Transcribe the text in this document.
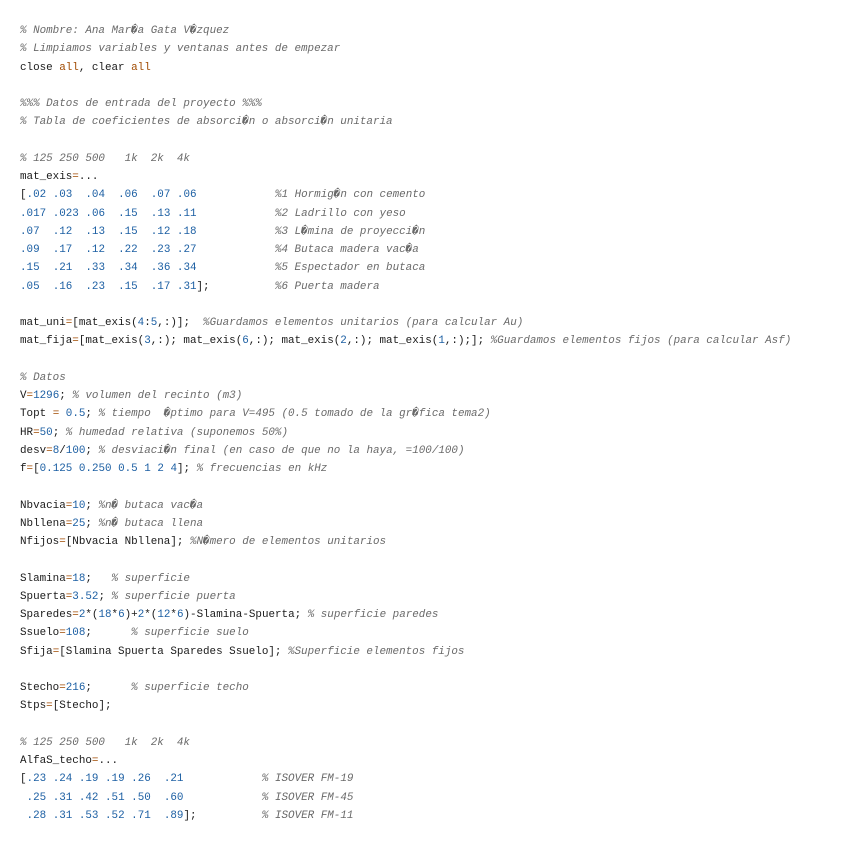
% Nombre: Ana Mar�a Gata V�zquez
% Limpiamos variables y ventanas antes de empezar
close all, clear all
%%% Datos de entrada del proyecto %%%
% Tabla de coeficientes de absorci�n o absorci�n unitaria
% 125 250 500   1k  2k  4k
mat_exis=...
[.02 .03 .04 .06 .07 .06	%1 Hormig�n con cemento
.017 .023 .06 .15 .13 .11	%2 Ladrillo con yeso
.07 .12 .13 .15 .12 .18	%3 L�mina de proyecci�n
.09 .17 .12 .22 .23 .27	%4 Butaca madera vac�a
.15 .21 .33 .34 .36 .34	%5 Espectador en butaca
.05 .16 .23 .15 .17 .31];          %6 Puerta madera
mat_uni=[mat_exis(4:5,:)];  %Guardamos elementos unitarios (para calcular Au)
mat_fija=[mat_exis(3,:); mat_exis(6,:); mat_exis(2,:); mat_exis(1,:);]; %Guardamos elementos fijos (para calcular Asf)
% Datos
V=1296; % volumen del recinto (m3)
Topt = 0.5; % tiempo  �ptimo para V=495 (0.5 tomado de la gr�fica tema2)
HR=50; % humedad relativa (suponemos 50%)
desv=8/100; % desviaci�n final (en caso de que no la haya, =100/100)
f=[0.125 0.250 0.5 1 2 4]; % frecuencias en kHz
Nbvacia=10; %n� butaca vac�a
Nbllena=25; %n� butaca llena
Nfijos=[Nbvacia Nbllena]; %N�mero de elementos unitarios
Slamina=18;   % superficie
Spuerta=3.52; % superficie puerta
Sparedes=2*(18*6)+2*(12*6)-Slamina-Spuerta; % superficie paredes
Ssuelo=108;      % superficie suelo
Sfija=[Slamina Spuerta Sparedes Ssuelo]; %Superficie elementos fijos
Stecho=216;      % superficie techo
Stps=[Stecho];
% 125 250 500   1k  2k  4k
AlfaS_techo=...
[.23 .24 .19 .19 .26 .21	% ISOVER FM-19
.25 .31 .42 .51 .50 .60	% ISOVER FM-45
.28 .31 .53 .52 .71 .89];          % ISOVER FM-11
